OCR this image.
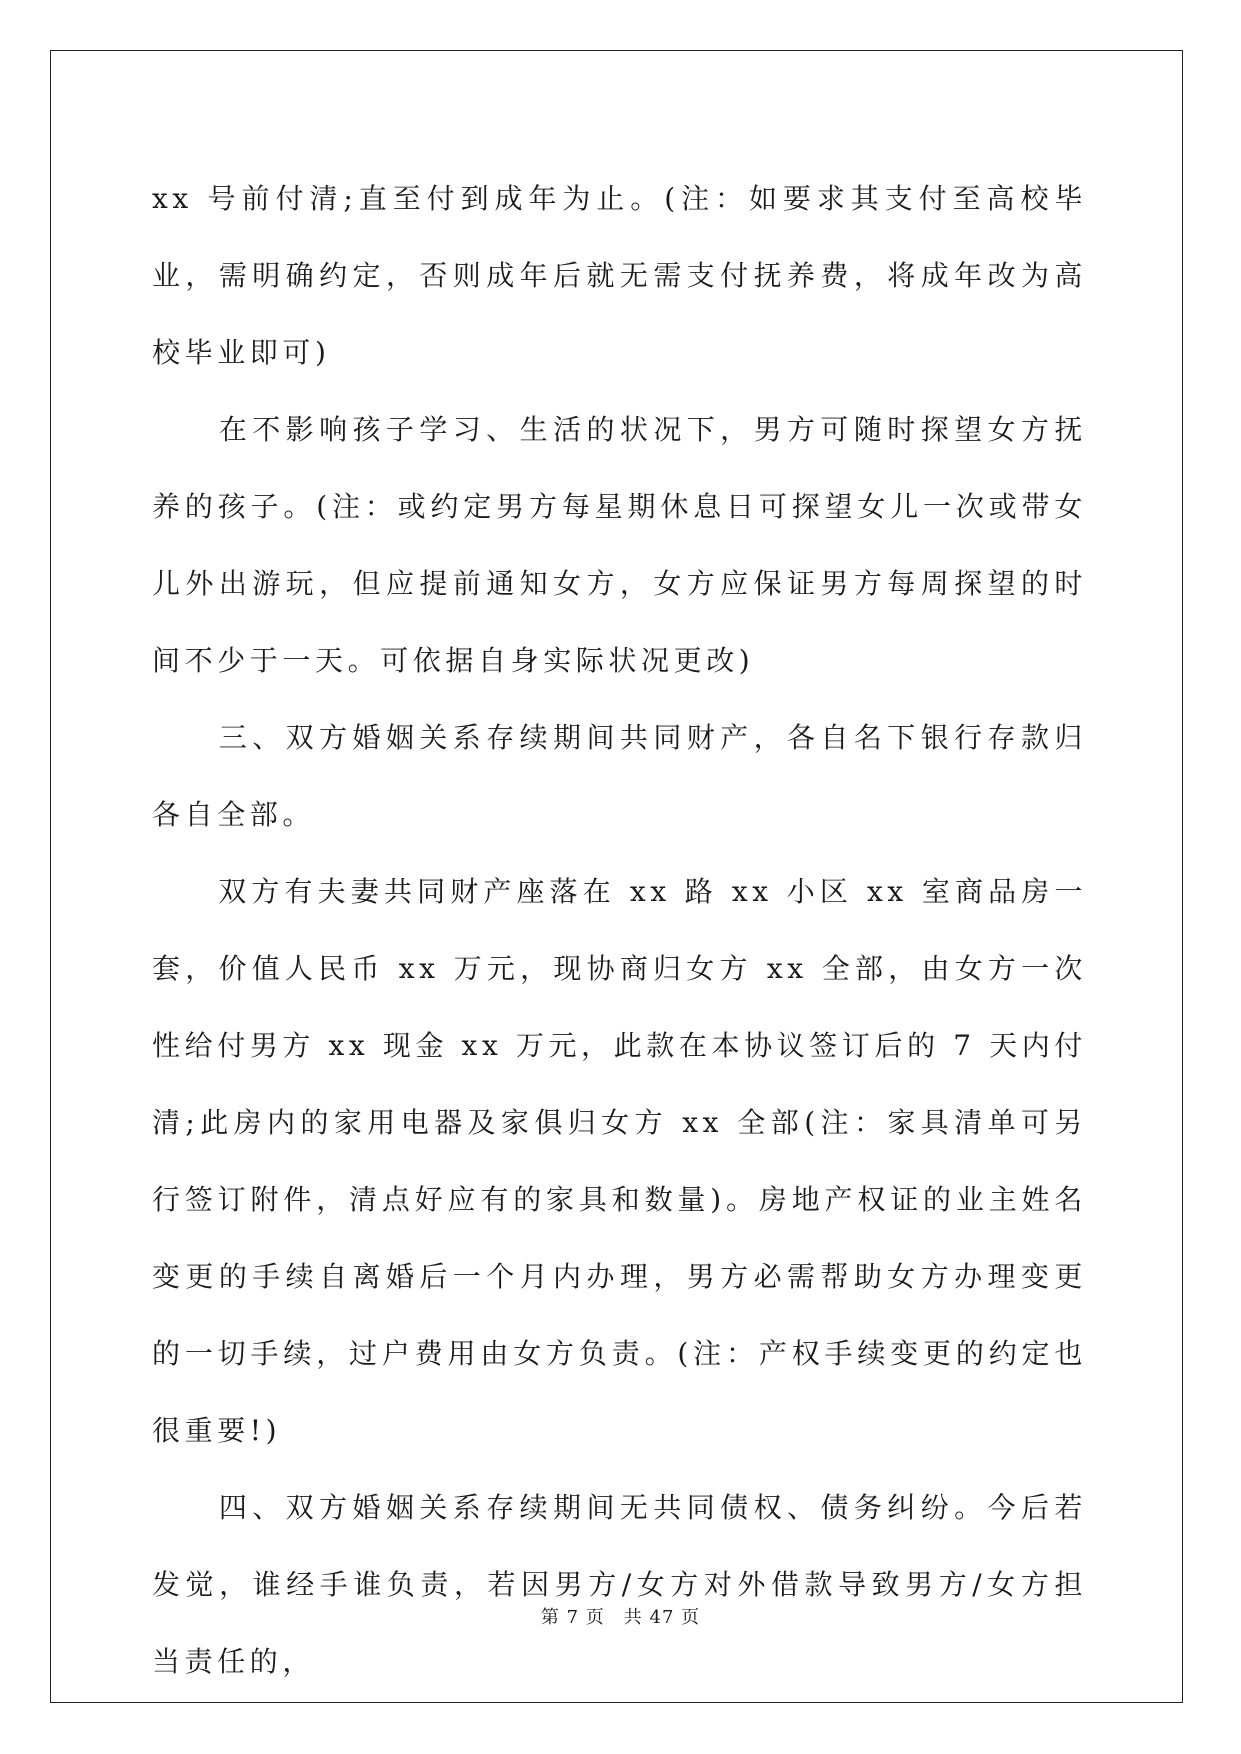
xx 号前付清;直至付到成年为止。(注：如要求其支付至高校毕业，需明确约定，否则成年后就无需支付抚养费，将成年改为高校毕业即可)

　　在不影响孩子学习、生活的状况下，男方可随时探望女方抚养的孩子。(注：或约定男方每星期休息日可探望女儿一次或带女儿外出游玩，但应提前通知女方，女方应保证男方每周探望的时间不少于一天。可依据自身实际状况更改)

　　三、双方婚姻关系存续期间共同财产，各自名下银行存款归各自全部。

　　双方有夫妻共同财产座落在 xx 路 xx 小区 xx 室商品房一套，价值人民币 xx 万元，现协商归女方 xx 全部，由女方一次性给付男方 xx 现金 xx 万元，此款在本协议签订后的 7 天内付清;此房内的家用电器及家俱归女方 xx 全部(注：家具清单可另行签订附件，清点好应有的家具和数量)。房地产权证的业主姓名变更的手续自离婚后一个月内办理，男方必需帮助女方办理变更的一切手续，过户费用由女方负责。(注：产权手续变更的约定也很重要!)

　　四、双方婚姻关系存续期间无共同债权、债务纠纷。今后若发觉，谁经手谁负责，若因男方/女方对外借款导致男方/女方担当责任的，

第 7 页　共 47 页
